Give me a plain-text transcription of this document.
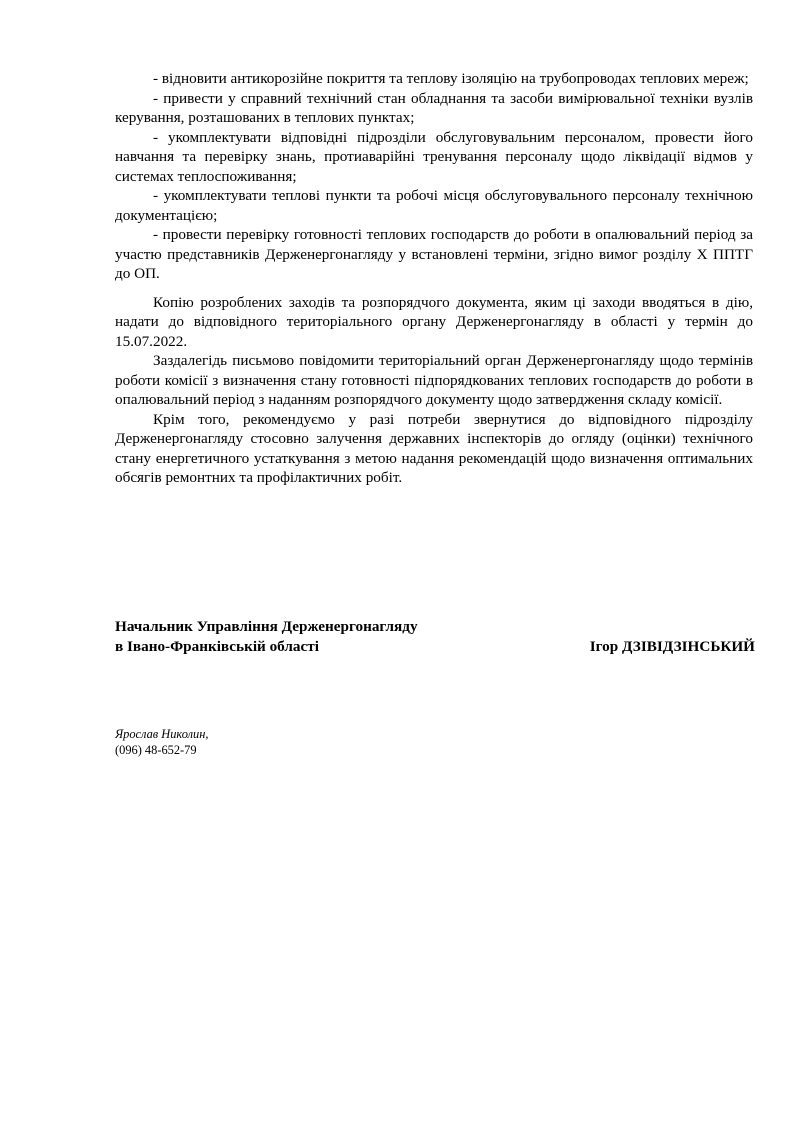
- відновити антикорозійне покриття та теплову ізоляцію на трубопроводах теплових мереж;

- привести у справний технічний стан обладнання та засоби вимірювальної техніки вузлів керування, розташованих в теплових пунктах;

- укомплектувати відповідні підрозділи обслуговувальним персоналом, провести його навчання та перевірку знань, протиаварійні тренування персоналу щодо ліквідації відмов у системах теплоспоживання;

- укомплектувати теплові пункти та робочі місця обслуговувального персоналу технічною документацією;

- провести перевірку готовності теплових господарств до роботи в опалювальний період за участю представників Держенергонагляду у встановлені терміни, згідно вимог розділу Х ППТГ до ОП.

Копію розроблених заходів та розпорядчого документа, яким ці заходи вводяться в дію, надати до відповідного територіального органу Держенергонагляду в області у термін до 15.07.2022.

Заздалегідь письмово повідомити територіальний орган Держенергонагляду щодо термінів роботи комісії з визначення стану готовності підпорядкованих теплових господарств до роботи в опалювальний період з наданням розпорядчого документу щодо затвердження складу комісії.

Крім того, рекомендуємо у разі потреби звернутися до відповідного підрозділу Держенергонагляду стосовно залучення державних інспекторів до огляду (оцінки) технічного стану енергетичного устаткування з метою надання рекомендацій щодо визначення оптимальних обсягів ремонтних та профілактичних робіт.

Начальник Управління Держенергонагляду
в Івано-Франківській області	Ігор ДЗІВІДЗІНСЬКИЙ
Ярослав Николин,
(096) 48-652-79
